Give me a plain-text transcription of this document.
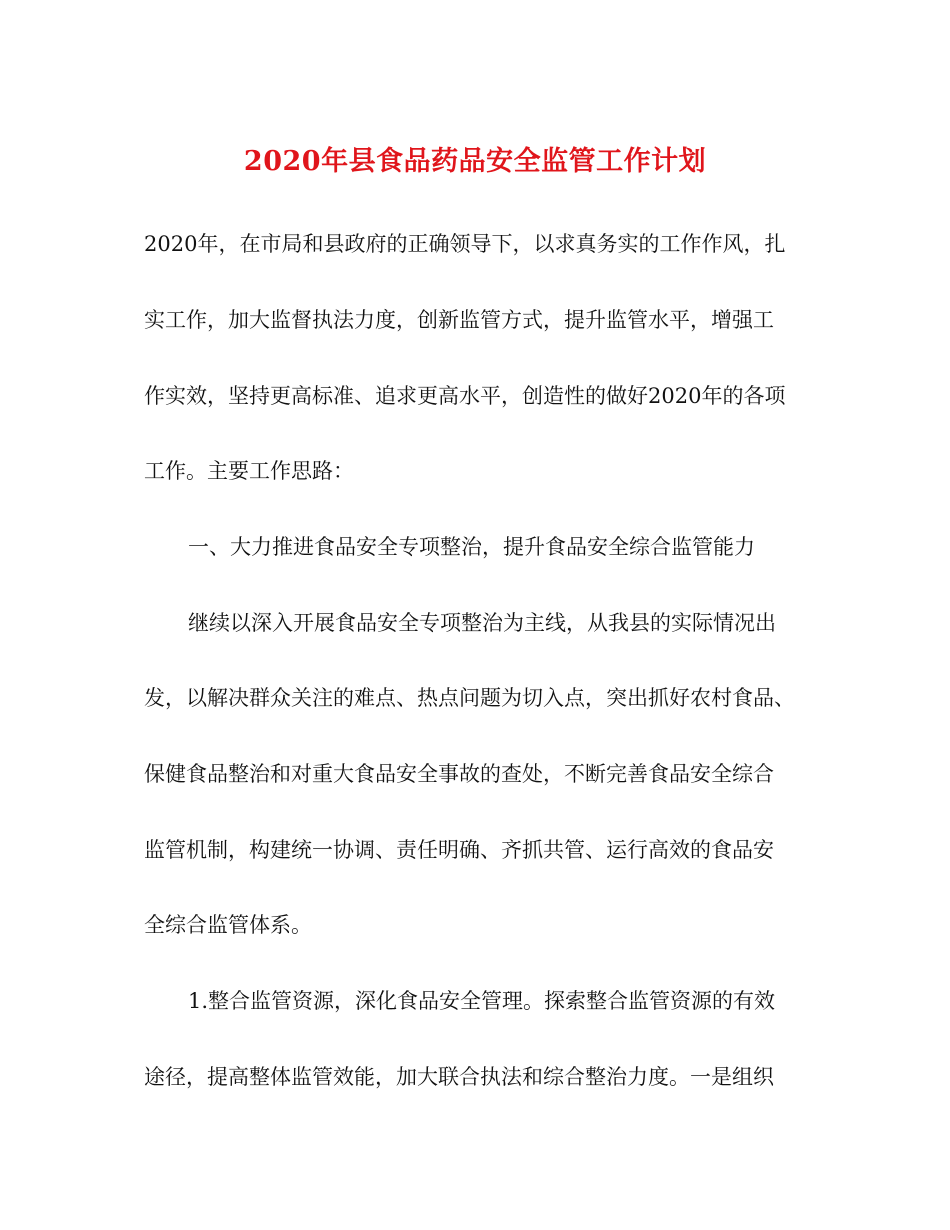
2020年县食品药品安全监管工作计划

2020年，在市局和县政府的正确领导下，以求真务实的工作作风，扎

实工作，加大监督执法力度，创新监管方式，提升监管水平，增强工

作实效，坚持更高标准、追求更高水平，创造性的做好2020年的各项

工作。主要工作思路：

一、大力推进食品安全专项整治，提升食品安全综合监管能力

继续以深入开展食品安全专项整治为主线，从我县的实际情况出

发，以解决群众关注的难点、热点问题为切入点，突出抓好农村食品、

保健食品整治和对重大食品安全事故的查处，不断完善食品安全综合

监管机制，构建统一协调、责任明确、齐抓共管、运行高效的食品安

全综合监管体系。

1.整合监管资源，深化食品安全管理。探索整合监管资源的有效

途径，提高整体监管效能，加大联合执法和综合整治力度。一是组织
